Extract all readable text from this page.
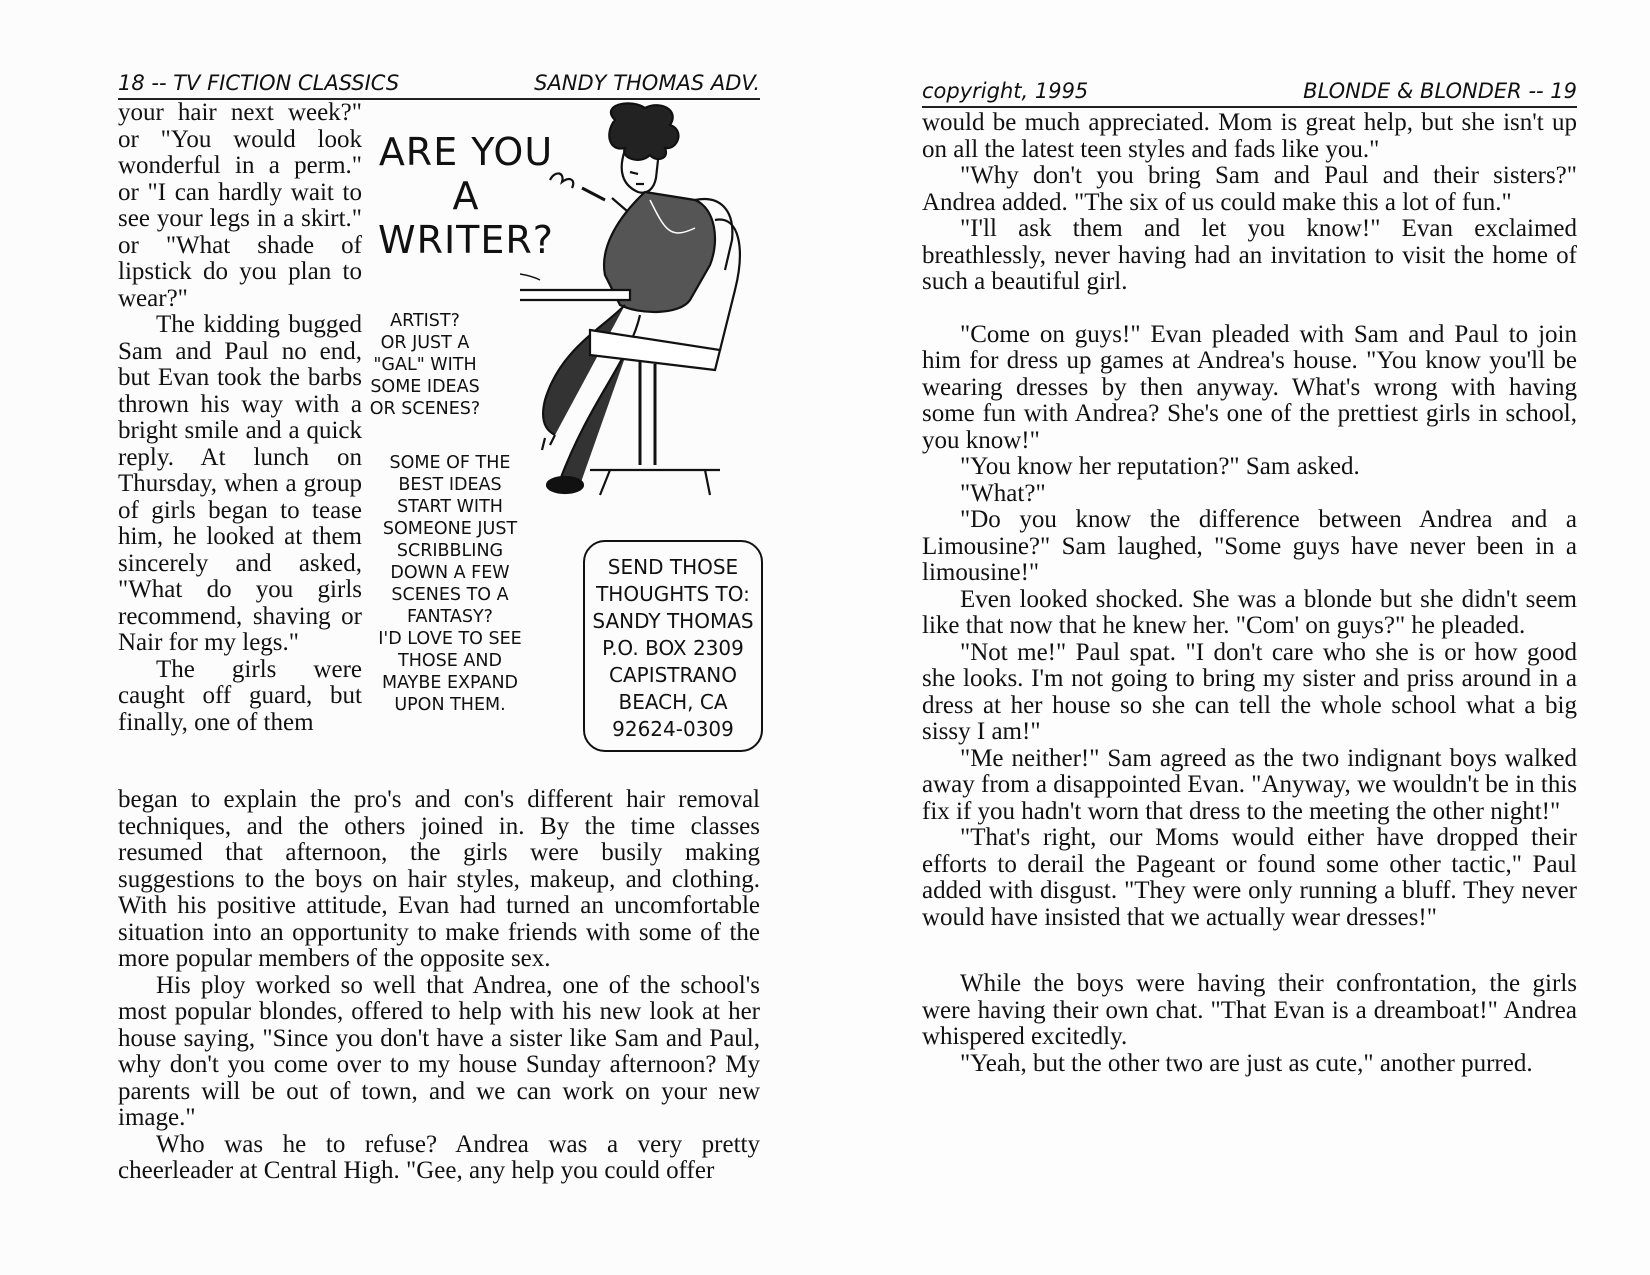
18 -- TV FICTION CLASSICS	SANDY THOMAS ADV.

your hair next week?" or "You would look wonderful in a perm." or "I can hardly wait to see your legs in a skirt." or "What shade of lipstick do you plan to wear?"

The kidding bugged Sam and Paul no end, but Evan took the barbs thrown his way with a bright smile and a quick reply. At lunch on Thursday, when a group of girls began to tease him, he looked at them sincerely and asked, "What do you girls recommend, shaving or Nair for my legs."

The girls were caught off guard, but finally, one of them

ARE YOU
A
WRITER?
ARTIST?
OR JUST A
"GAL" WITH
SOME IDEAS
OR SCENES?
SOME OF THE
BEST IDEAS
START WITH
SOMEONE JUST
SCRIBBLING
DOWN A FEW
SCENES TO A
FANTASY?
I'D LOVE TO SEE
THOSE AND
MAYBE EXPAND
UPON THEM.
SEND THOSE
THOUGHTS TO:
SANDY THOMAS
P.O. BOX 2309
CAPISTRANO
BEACH, CA
92624-0309

began to explain the pro's and con's different hair removal techniques, and the others joined in. By the time classes resumed that afternoon, the girls were busily making suggestions to the boys on hair styles, makeup, and clothing. With his positive attitude, Evan had turned an uncomfortable situation into an opportunity to make friends with some of the more popular members of the opposite sex.

His ploy worked so well that Andrea, one of the school's most popular blondes, offered to help with his new look at her house saying, "Since you don't have a sister like Sam and Paul, why don't you come over to my house Sunday afternoon? My parents will be out of town, and we can work on your new image."

Who was he to refuse? Andrea was a very pretty cheerleader at Central High. "Gee, any help you could offer

copyright, 1995	BLONDE & BLONDER -- 19

would be much appreciated. Mom is great help, but she isn't up on all the latest teen styles and fads like you."

"Why don't you bring Sam and Paul and their sisters?" Andrea added. "The six of us could make this a lot of fun."

"I'll ask them and let you know!" Evan exclaimed breathlessly, never having had an invitation to visit the home of such a beautiful girl.

"Come on guys!" Evan pleaded with Sam and Paul to join him for dress up games at Andrea's house. "You know you'll be wearing dresses by then anyway. What's wrong with having some fun with Andrea? She's one of the prettiest girls in school, you know!"

"You know her reputation?" Sam asked.

"What?"

"Do you know the difference between Andrea and a Limousine?" Sam laughed, "Some guys have never been in a limousine!"

Even looked shocked. She was a blonde but she didn't seem like that now that he knew her. "Com' on guys?" he pleaded.

"Not me!" Paul spat. "I don't care who she is or how good she looks. I'm not going to bring my sister and priss around in a dress at her house so she can tell the whole school what a big sissy I am!"

"Me neither!" Sam agreed as the two indignant boys walked away from a disappointed Evan. "Anyway, we wouldn't be in this fix if you hadn't worn that dress to the meeting the other night!"

"That's right, our Moms would either have dropped their efforts to derail the Pageant or found some other tactic," Paul added with disgust. "They were only running a bluff. They never would have insisted that we actually wear dresses!"

While the boys were having their confrontation, the girls were having their own chat. "That Evan is a dreamboat!" Andrea whispered excitedly.

"Yeah, but the other two are just as cute," another purred.
